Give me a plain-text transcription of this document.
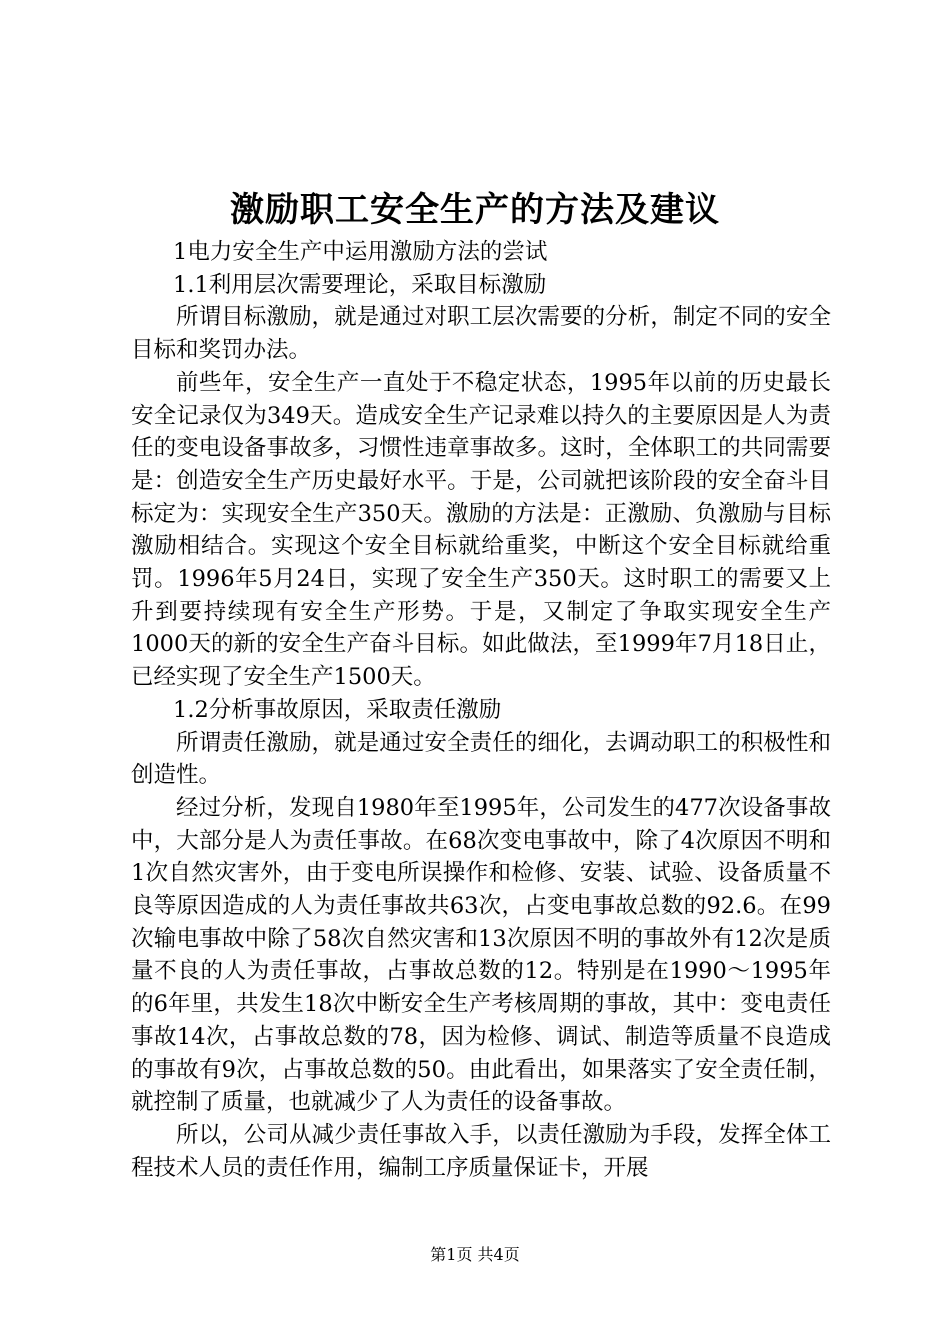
激励职工安全生产的方法及建议

1电力安全生产中运用激励方法的尝试

1.1利用层次需要理论，采取目标激励

所谓目标激励，就是通过对职工层次需要的分析，制定不同的安全目标和奖罚办法。

前些年，安全生产一直处于不稳定状态，1995年以前的历史最长安全记录仅为349天。造成安全生产记录难以持久的主要原因是人为责任的变电设备事故多，习惯性违章事故多。这时，全体职工的共同需要是：创造安全生产历史最好水平。于是，公司就把该阶段的安全奋斗目标定为：实现安全生产350天。激励的方法是：正激励、负激励与目标激励相结合。实现这个安全目标就给重奖，中断这个安全目标就给重罚。1996年5月24日，实现了安全生产350天。这时职工的需要又上升到要持续现有安全生产形势。于是，又制定了争取实现安全生产1000天的新的安全生产奋斗目标。如此做法，至1999年7月18日止，已经实现了安全生产1500天。

1.2分析事故原因，采取责任激励

所谓责任激励，就是通过安全责任的细化，去调动职工的积极性和创造性。

经过分析，发现自1980年至1995年，公司发生的477次设备事故中，大部分是人为责任事故。在68次变电事故中，除了4次原因不明和1次自然灾害外，由于变电所误操作和检修、安装、试验、设备质量不良等原因造成的人为责任事故共63次，占变电事故总数的92.6。在99次输电事故中除了58次自然灾害和13次原因不明的事故外有12次是质量不良的人为责任事故，占事故总数的12。特别是在1990～1995年的6年里，共发生18次中断安全生产考核周期的事故，其中：变电责任事故14次，占事故总数的78，因为检修、调试、制造等质量不良造成的事故有9次，占事故总数的50。由此看出，如果落实了安全责任制，就控制了质量，也就减少了人为责任的设备事故。

所以，公司从减少责任事故入手，以责任激励为手段，发挥全体工程技术人员的责任作用，编制工序质量保证卡，开展

第1页 共4页
